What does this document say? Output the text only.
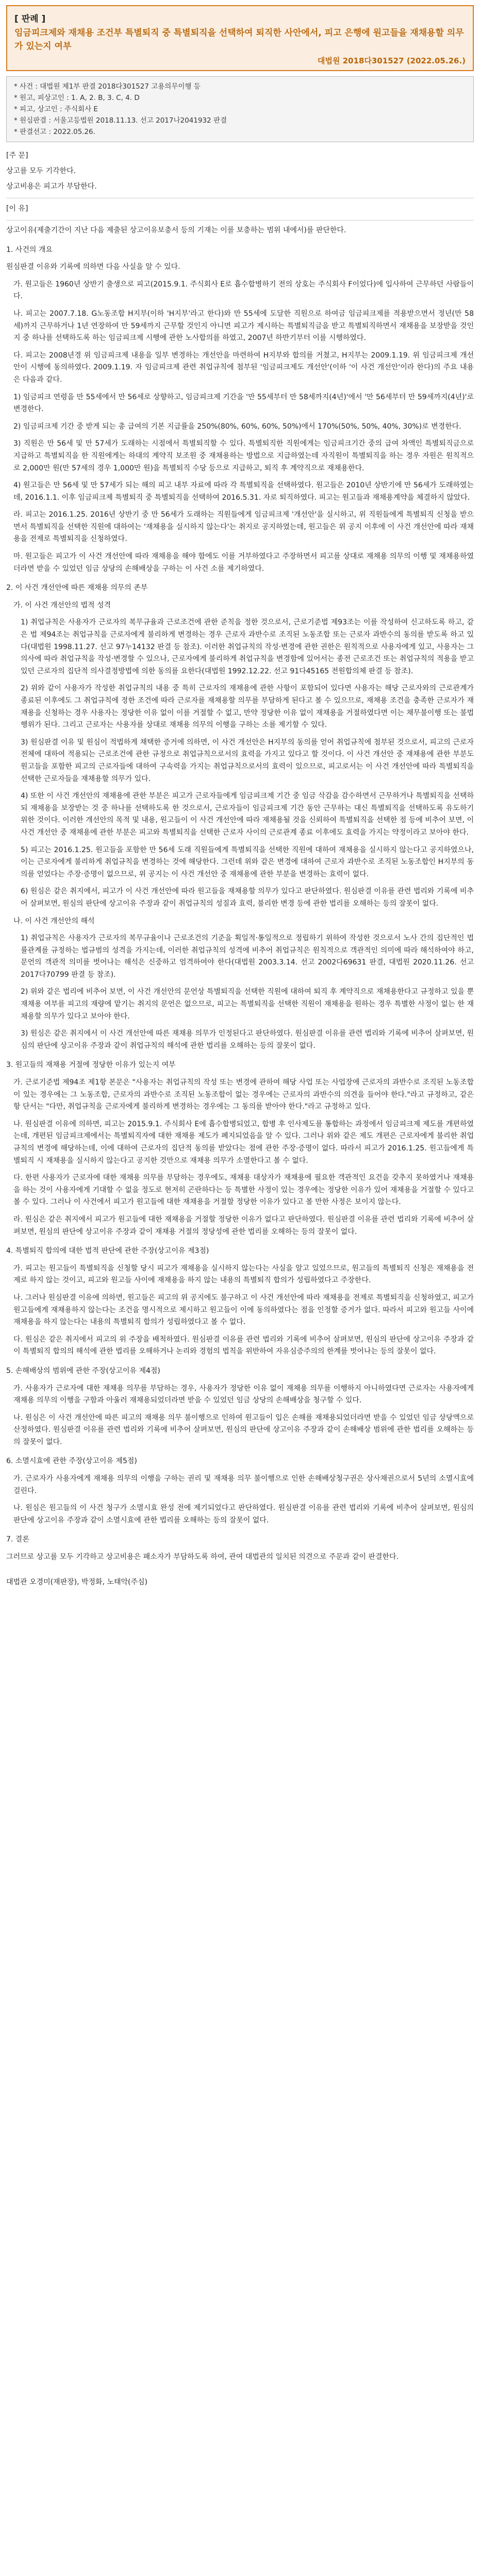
[ 판례 ]
임금피크제와 재채용 조건부 특별퇴직 중 특별퇴직을 선택하여 퇴직한 사안에서, 피고 은행에 원고들을 재채용할 의무가 있는지 여부
대법원 2018다301527 (2022.05.26.)
* 사건 : 대법원 제1부 판결 2018다301527 고용의무이행 등
* 원고, 피상고인 : 1. A, 2. B, 3. C, 4. D
* 피고, 상고인 : 주식회사 E
* 원심판결 : 서울고등법원 2018.11.13. 선고 2017나2041932 판결
* 판결선고 : 2022.05.26.
[주 문]
상고를 모두 기각한다.
상고비용은 피고가 부담한다.
[이 유]

상고이유(제출기간이 지난 다음 제출된 상고이유보충서 등의 기재는 이를 보충하는 범위 내에서)를 판단한다.

1. 사건의 개요

원심판결 이유와 기록에 의하면 다음 사실을 알 수 있다.

가. 원고들은 1960년 상반기 출생으로 피고(2015.9.1. 주식회사 E로 흡수합병하기 전의 상호는 주식회사 F이었다)에 입사하여 근무하던 사람들이다.

나. 피고는 2007.7.18. G노동조합 H지부(이하 'H지부'라고 한다)와 만 55세에 도달한 직원으로 하여금 임금피크제를 적용받으면서 정년(만 58세)까지 근무하거나 1년 연장하여 만 59세까지 근무할 것인지 아니면 피고가 제시하는 특별퇴직금을 받고 특별퇴직하면서 재채용을 보장받을 것인지 중 하나를 선택하도록 하는 임금피크제 시행에 관한 노사합의를 하였고, 2007년 하반기부터 이를 시행하였다.

다. 피고는 2008년경 위 임금피크제 내용을 일부 변경하는 개선안을 마련하여 H지부와 합의를 거쳤고, H지부는 2009.1.19. 위 임금피크제 개선안이 시행에 동의하였다. 2009.1.19. 자 임금피크제 관련 취업규칙에 첨부된 '임금피크제도 개선안'(이하 '이 사건 개선안'이라 한다)의 주요 내용은 다음과 같다.

1) 임금피크 연령을 만 55세에서 만 56세로 상향하고, 임금피크제 기간을 '만 55세부터 만 58세까지(4년)'에서 '만 56세부터 만 59세까지(4년)'로 변경한다.

2) 임금피크제 기간 중 받게 되는 총 급여의 기본 지급률을 250%(80%, 60%, 60%, 50%)에서 170%(50%, 50%, 40%, 30%)로 변경한다.

3) 직원은 만 56세 및 만 57세가 도래하는 시점에서 특별퇴직할 수 있다. 특별퇴직한 직원에게는 임금피크기간 중의 급여 차액인 특별퇴직금으로 지급하고 특별퇴직을 한 직원에게는 하대의 계약직 보조원 중 재채용하는 방법으로 지급하였는데 자직원이 특별퇴직을 하는 경우 자원은 원칙적으로 2,000만 원(만 57세의 경우 1,000만 원)을 특별퇴직 수당 등으로 지급하고, 퇴직 후 계약직으로 재채용한다.

4) 원고들은 만 56세 및 만 57세가 되는 해의 피고 내부 자료에 따라 각 특별퇴직을 선택하였다. 원고들은 2010년 상반기에 만 56세가 도래하였는데, 2016.1.1. 이후 임금피크제 특별퇴직 중 특별퇴직을 선택하여 2016.5.31. 자로 퇴직하였다. 피고는 원고들과 재채용계약을 체결하지 않았다.

라. 피고는 2016.1.25. 2016년 상반기 중 만 56세가 도래하는 직원들에게 임금피크제 '개선안'을 실시하고, 위 직원들에게 특별퇴직 신청을 받으면서 특별퇴직을 선택한 직원에 대하여는 '재채용을 실시하지 않는다'는 취지로 공지하였는데, 원고들은 위 공지 이후에 이 사건 개선안에 따라 재채용을 전제로 특별퇴직을 신청하였다.

마. 원고들은 피고가 이 사건 개선안에 따라 재채용을 해야 함에도 이를 거부하였다고 주장하면서 피고를 상대로 재채용 의무의 이행 및 재채용하였더라면 받을 수 있었던 임금 상당의 손해배상을 구하는 이 사건 소를 제기하였다.

2. 이 사건 개선안에 따른 재채용 의무의 존부

가. 이 사건 개선안의 법적 성격

1) 취업규칙은 사용자가 근로자의 복무규율과 근로조건에 관한 준칙을 정한 것으로서, 근로기준법 제93조는 이를 작성하여 신고하도록 하고, 같은 법 제94조는 취업규칙을 근로자에게 불리하게 변경하는 경우 근로자 과반수로 조직된 노동조합 또는 근로자 과반수의 동의를 받도록 하고 있다(대법원 1998.11.27. 선고 97누14132 판결 등 참조). 이러한 취업규칙의 작성·변경에 관한 권한은 원칙적으로 사용자에게 있고, 사용자는 그 의사에 따라 취업규칙을 작성·변경할 수 있으나, 근로자에게 불리하게 취업규칙을 변경함에 있어서는 종전 근로조건 또는 취업규칙의 적용을 받고 있던 근로자의 집단적 의사결정방법에 의한 동의를 요한다(대법원 1992.12.22. 선고 91다45165 전원합의체 판결 등 참조).

2) 위와 같이 사용자가 작성한 취업규칙의 내용 중 특히 근로자의 재채용에 관한 사항이 포함되어 있다면 사용자는 해당 근로자와의 근로관계가 종료된 이후에도 그 취업규칙에 정한 조건에 따라 근로자를 재채용할 의무를 부담하게 된다고 볼 수 있으므로, 재채용 조건을 충족한 근로자가 재채용을 신청하는 경우 사용자는 정당한 이유 없이 이를 거절할 수 없고, 만약 정당한 이유 없이 재채용을 거절하였다면 이는 채무불이행 또는 불법행위가 된다. 그리고 근로자는 사용자를 상대로 재채용 의무의 이행을 구하는 소를 제기할 수 있다.

3) 원심판결 이유 및 원심이 적법하게 채택한 증거에 의하면, 이 사건 개선안은 H지부의 동의를 얻어 취업규칙에 첨부된 것으로서, 피고의 근로자 전체에 대하여 적용되는 근로조건에 관한 규정으로 취업규칙으로서의 효력을 가지고 있다고 할 것이다. 이 사건 개선안 중 재채용에 관한 부분도 원고들을 포함한 피고의 근로자들에 대하여 구속력을 가지는 취업규칙으로서의 효력이 있으므로, 피고로서는 이 사건 개선안에 따라 특별퇴직을 선택한 근로자들을 재채용할 의무가 있다.

4) 또한 이 사건 개선안의 재채용에 관한 부분은 피고가 근로자들에게 임금피크제 기간 중 임금 삭감을 감수하면서 근무하거나 특별퇴직을 선택하되 재채용을 보장받는 것 중 하나를 선택하도록 한 것으로서, 근로자들이 임금피크제 기간 동안 근무하는 대신 특별퇴직을 선택하도록 유도하기 위한 것이다. 이러한 개선안의 목적 및 내용, 원고들이 이 사건 개선안에 따라 재채용될 것을 신뢰하여 특별퇴직을 선택한 점 등에 비추어 보면, 이 사건 개선안 중 재채용에 관한 부분은 피고와 특별퇴직을 선택한 근로자 사이의 근로관계 종료 이후에도 효력을 가지는 약정이라고 보아야 한다.

5) 피고는 2016.1.25. 원고들을 포함한 만 56세 도래 직원들에게 특별퇴직을 선택한 직원에 대하여 재채용을 실시하지 않는다고 공지하였으나, 이는 근로자에게 불리하게 취업규칙을 변경하는 것에 해당한다. 그런데 위와 같은 변경에 대하여 근로자 과반수로 조직된 노동조합인 H지부의 동의를 얻었다는 주장·증명이 없으므로, 위 공지는 이 사건 개선안 중 재채용에 관한 부분을 변경하는 효력이 없다.

6) 원심은 같은 취지에서, 피고가 이 사건 개선안에 따라 원고들을 재채용할 의무가 있다고 판단하였다. 원심판결 이유를 관련 법리와 기록에 비추어 살펴보면, 원심의 판단에 상고이유 주장과 같이 취업규칙의 성질과 효력, 불리한 변경 등에 관한 법리를 오해하는 등의 잘못이 없다.

나. 이 사건 개선안의 해석

1) 취업규칙은 사용자가 근로자의 복무규율이나 근로조건의 기준을 획일적·통일적으로 정립하기 위하여 작성한 것으로서 노사 간의 집단적인 법률관계를 규정하는 법규범의 성격을 가지는데, 이러한 취업규칙의 성격에 비추어 취업규칙은 원칙적으로 객관적인 의미에 따라 해석하여야 하고, 문언의 객관적 의미를 벗어나는 해석은 신중하고 엄격하여야 한다(대법원 2003.3.14. 선고 2002다69631 판결, 대법원 2020.11.26. 선고 2017다70799 판결 등 참조).

2) 위와 같은 법리에 비추어 보면, 이 사건 개선안의 문언상 특별퇴직을 선택한 직원에 대하여 퇴직 후 계약직으로 재채용한다고 규정하고 있을 뿐 재채용 여부를 피고의 재량에 맡기는 취지의 문언은 없으므로, 피고는 특별퇴직을 선택한 직원이 재채용을 원하는 경우 특별한 사정이 없는 한 재채용할 의무가 있다고 보아야 한다.

3) 원심은 같은 취지에서 이 사건 개선안에 따른 재채용 의무가 인정된다고 판단하였다. 원심판결 이유를 관련 법리와 기록에 비추어 살펴보면, 원심의 판단에 상고이유 주장과 같이 취업규칙의 해석에 관한 법리를 오해하는 등의 잘못이 없다.

3. 원고들의 재채용 거절에 정당한 이유가 있는지 여부

가. 근로기준법 제94조 제1항 본문은 "사용자는 취업규칙의 작성 또는 변경에 관하여 해당 사업 또는 사업장에 근로자의 과반수로 조직된 노동조합이 있는 경우에는 그 노동조합, 근로자의 과반수로 조직된 노동조합이 없는 경우에는 근로자의 과반수의 의견을 들어야 한다."라고 규정하고, 같은 항 단서는 "다만, 취업규칙을 근로자에게 불리하게 변경하는 경우에는 그 동의를 받아야 한다."라고 규정하고 있다.

나. 원심판결 이유에 의하면, 피고는 2015.9.1. 주식회사 E에 흡수합병되었고, 합병 후 인사제도를 통합하는 과정에서 임금피크제 제도를 개편하였는데, 개편된 임금피크제에서는 특별퇴직자에 대한 재채용 제도가 폐지되었음을 알 수 있다. 그러나 위와 같은 제도 개편은 근로자에게 불리한 취업규칙의 변경에 해당하는데, 이에 대하여 근로자의 집단적 동의를 받았다는 점에 관한 주장·증명이 없다. 따라서 피고가 2016.1.25. 원고들에게 특별퇴직 시 재채용을 실시하지 않는다고 공지한 것만으로 재채용 의무가 소멸한다고 볼 수 없다.

다. 한편 사용자가 근로자에 대한 재채용 의무를 부담하는 경우에도, 재채용 대상자가 재채용에 필요한 객관적인 요건을 갖추지 못하였거나 재채용을 하는 것이 사용자에게 기대할 수 없을 정도로 현저히 곤란하다는 등 특별한 사정이 있는 경우에는 정당한 이유가 있어 재채용을 거절할 수 있다고 볼 수 있다. 그러나 이 사건에서 피고가 원고들에 대한 재채용을 거절할 정당한 이유가 있다고 볼 만한 사정은 보이지 않는다.

라. 원심은 같은 취지에서 피고가 원고들에 대한 재채용을 거절할 정당한 이유가 없다고 판단하였다. 원심판결 이유를 관련 법리와 기록에 비추어 살펴보면, 원심의 판단에 상고이유 주장과 같이 재채용 거절의 정당성에 관한 법리를 오해하는 등의 잘못이 없다.

4. 특별퇴직 합의에 대한 법적 판단에 관한 주장(상고이유 제3점)

가. 피고는 원고들이 특별퇴직을 신청할 당시 피고가 재채용을 실시하지 않는다는 사실을 알고 있었으므로, 원고들의 특별퇴직 신청은 재채용을 전제로 하지 않는 것이고, 피고와 원고들 사이에 재채용을 하지 않는 내용의 특별퇴직 합의가 성립하였다고 주장한다.

나. 그러나 원심판결 이유에 의하면, 원고들은 피고의 위 공지에도 불구하고 이 사건 개선안에 따라 재채용을 전제로 특별퇴직을 신청하였고, 피고가 원고들에게 재채용하지 않는다는 조건을 명시적으로 제시하고 원고들이 이에 동의하였다는 점을 인정할 증거가 없다. 따라서 피고와 원고들 사이에 재채용을 하지 않는다는 내용의 특별퇴직 합의가 성립하였다고 볼 수 없다.

다. 원심은 같은 취지에서 피고의 위 주장을 배척하였다. 원심판결 이유를 관련 법리와 기록에 비추어 살펴보면, 원심의 판단에 상고이유 주장과 같이 특별퇴직 합의의 해석에 관한 법리를 오해하거나 논리와 경험의 법칙을 위반하여 자유심증주의의 한계를 벗어나는 등의 잘못이 없다.

5. 손해배상의 범위에 관한 주장(상고이유 제4점)

가. 사용자가 근로자에 대한 재채용 의무를 부담하는 경우, 사용자가 정당한 이유 없이 재채용 의무를 이행하지 아니하였다면 근로자는 사용자에게 재채용 의무의 이행을 구함과 아울러 재채용되었더라면 받을 수 있었던 임금 상당의 손해배상을 청구할 수 있다.

나. 원심은 이 사건 개선안에 따른 피고의 재채용 의무 불이행으로 인하여 원고들이 입은 손해를 재채용되었더라면 받을 수 있었던 임금 상당액으로 산정하였다. 원심판결 이유를 관련 법리와 기록에 비추어 살펴보면, 원심의 판단에 상고이유 주장과 같이 손해배상 범위에 관한 법리를 오해하는 등의 잘못이 없다.

6. 소멸시효에 관한 주장(상고이유 제5점)

가. 근로자가 사용자에게 재채용 의무의 이행을 구하는 권리 및 재채용 의무 불이행으로 인한 손해배상청구권은 상사채권으로서 5년의 소멸시효에 걸린다.

나. 원심은 원고들의 이 사건 청구가 소멸시효 완성 전에 제기되었다고 판단하였다. 원심판결 이유를 관련 법리와 기록에 비추어 살펴보면, 원심의 판단에 상고이유 주장과 같이 소멸시효에 관한 법리를 오해하는 등의 잘못이 없다.

7. 결론

그러므로 상고를 모두 기각하고 상고비용은 패소자가 부담하도록 하여, 관여 대법관의 일치된 의견으로 주문과 같이 판결한다.

대법관 오경미(재판장), 박정화, 노태악(주심)
